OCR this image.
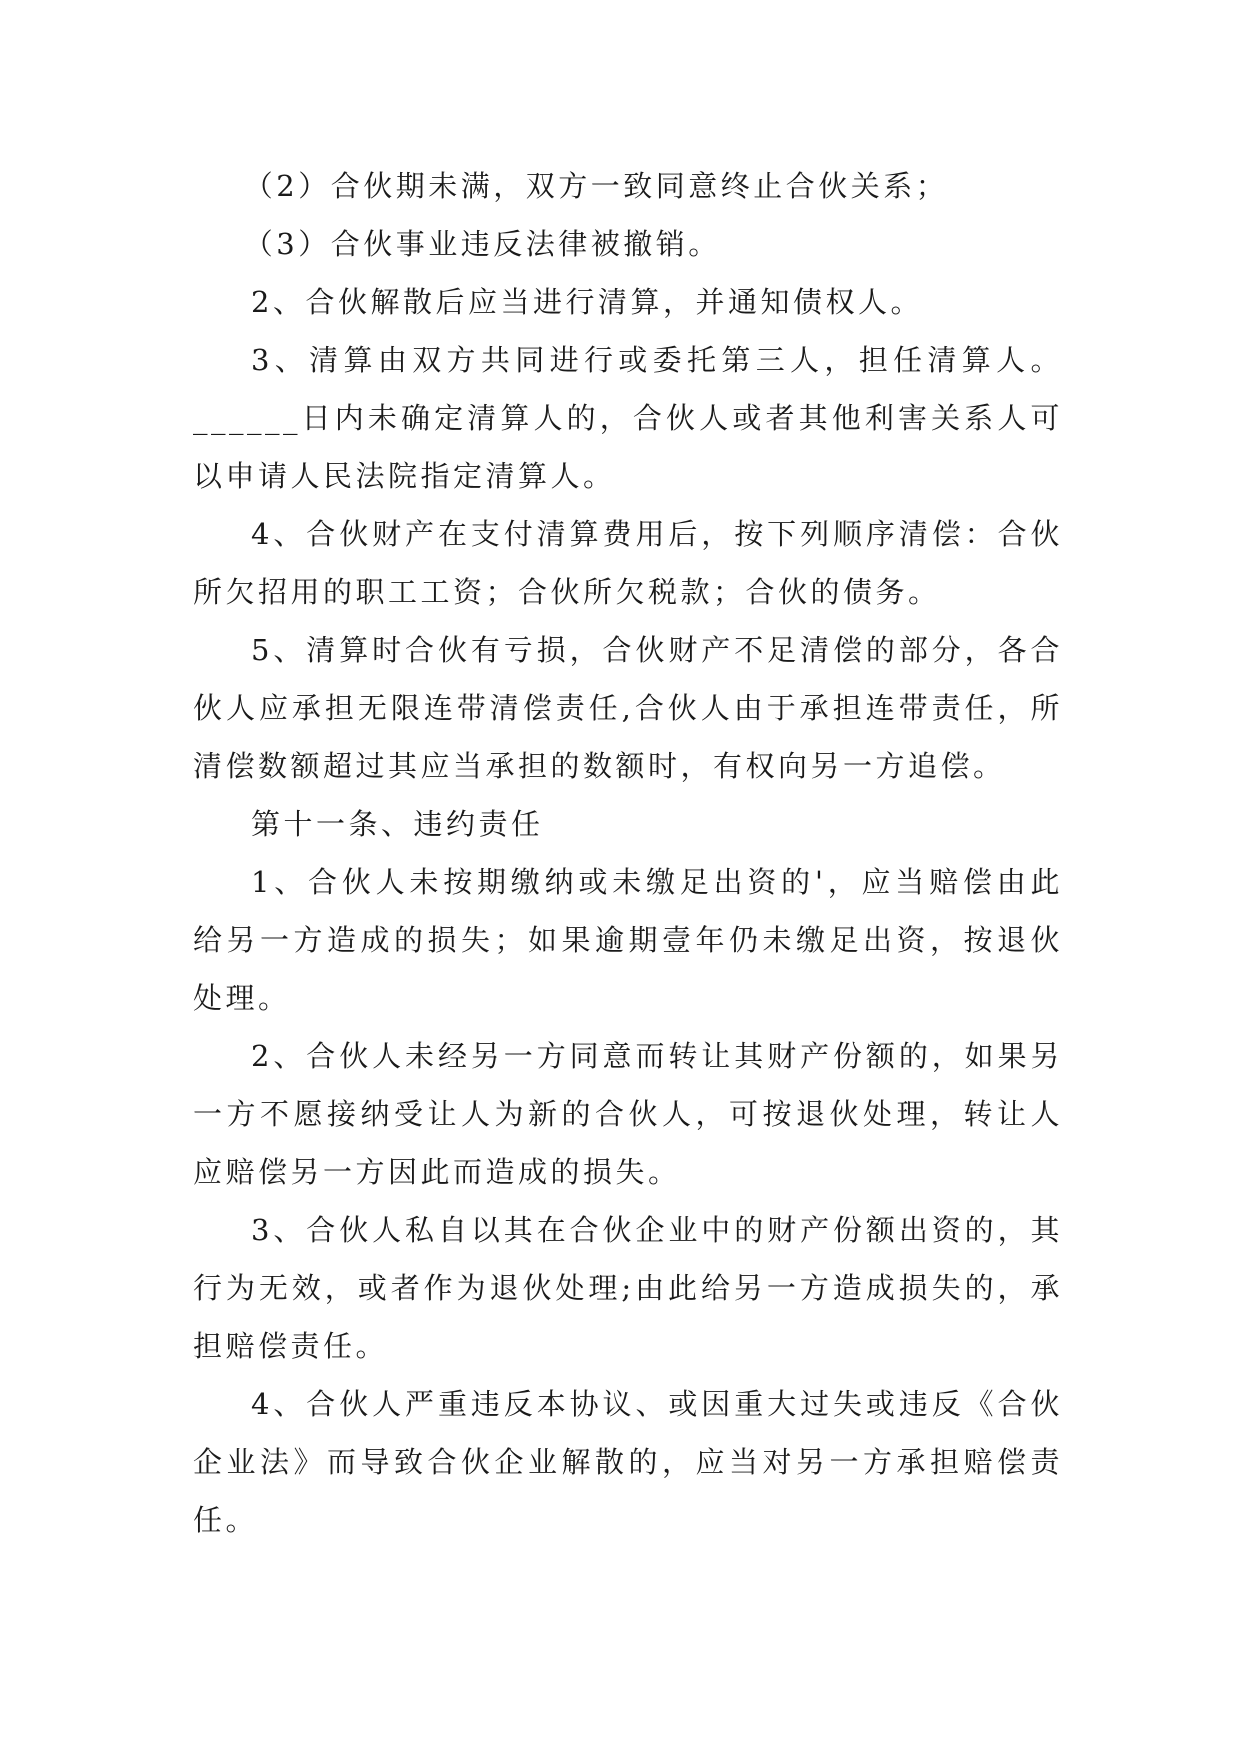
（2）合伙期未满，双方一致同意终止合伙关系；

（3）合伙事业违反法律被撤销。

2、合伙解散后应当进行清算，并通知债权人。

3、清算由双方共同进行或委托第三人，担任清算人。______日内未确定清算人的，合伙人或者其他利害关系人可以申请人民法院指定清算人。

4、合伙财产在支付清算费用后，按下列顺序清偿：合伙所欠招用的职工工资；合伙所欠税款；合伙的债务。

5、清算时合伙有亏损，合伙财产不足清偿的部分，各合伙人应承担无限连带清偿责任,合伙人由于承担连带责任，所清偿数额超过其应当承担的数额时，有权向另一方追偿。

第十一条、违约责任

1、合伙人未按期缴纳或未缴足出资的'，应当赔偿由此给另一方造成的损失；如果逾期壹年仍未缴足出资，按退伙处理。

2、合伙人未经另一方同意而转让其财产份额的，如果另一方不愿接纳受让人为新的合伙人，可按退伙处理，转让人应赔偿另一方因此而造成的损失。

3、合伙人私自以其在合伙企业中的财产份额出资的，其行为无效，或者作为退伙处理;由此给另一方造成损失的，承担赔偿责任。

4、合伙人严重违反本协议、或因重大过失或违反《合伙企业法》而导致合伙企业解散的，应当对另一方承担赔偿责任。
